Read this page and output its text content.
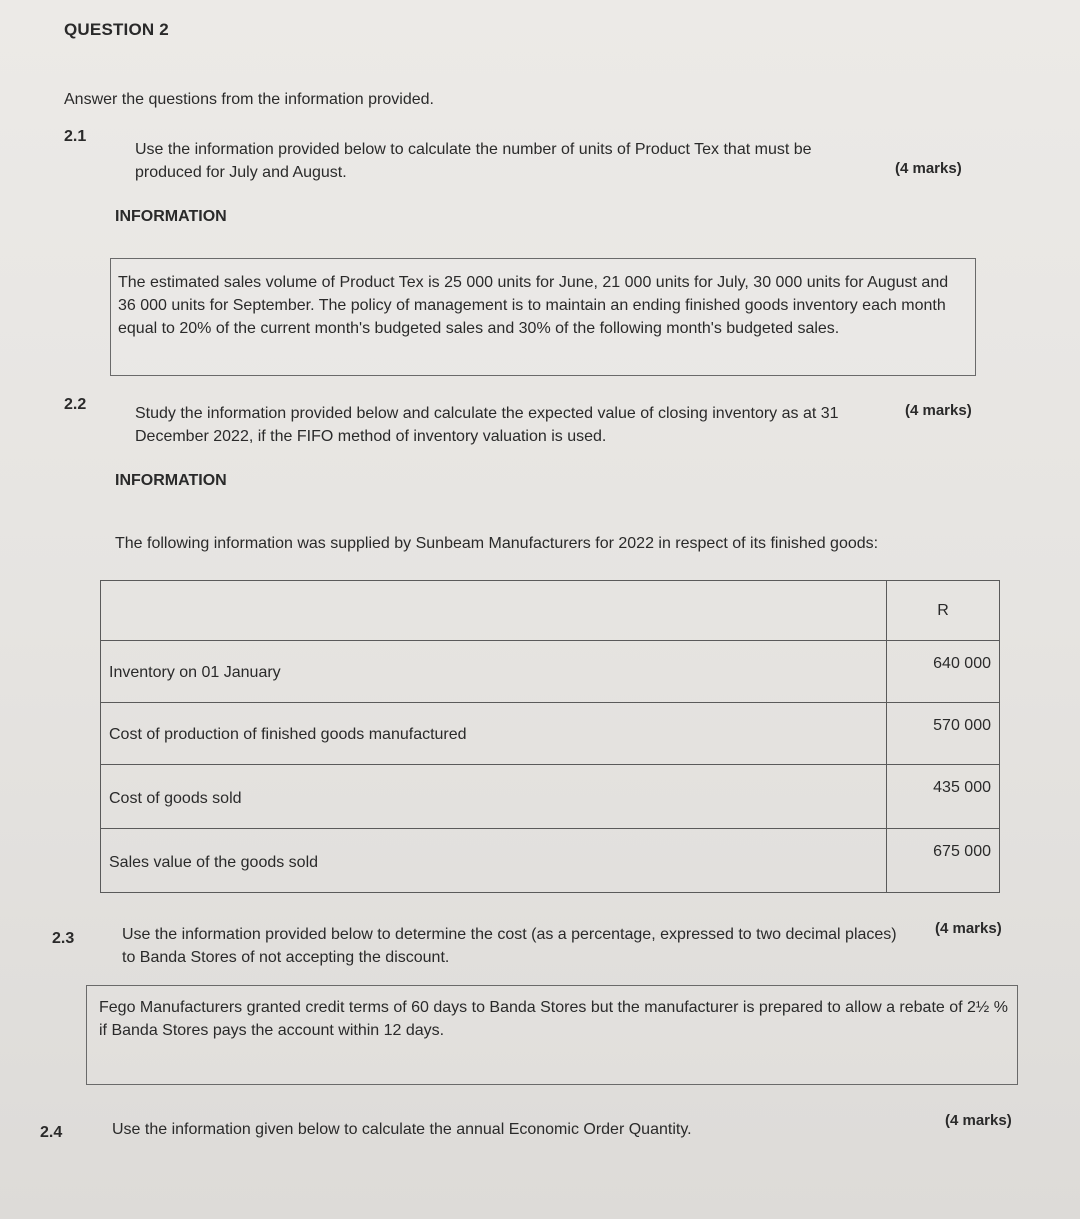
QUESTION 2
Answer the questions from the information provided.
2.1
Use the information provided below to calculate the number of units of Product Tex that must be produced for July and August.	(4 marks)
INFORMATION
The estimated sales volume of Product Tex is 25 000 units for June, 21 000 units for July, 30 000 units for August and 36 000 units for September. The policy of management is to maintain an ending finished goods inventory each month equal to 20% of the current month's budgeted sales and 30% of the following month's budgeted sales.
2.2
Study the information provided below and calculate the expected value of closing inventory as at 31 December 2022, if the FIFO method of inventory valuation is used.
(4 marks)
INFORMATION
The following information was supplied by Sunbeam Manufacturers for 2022 in respect of its finished goods:
	R
Inventory on 01 January	640 000
Cost of production of finished goods manufactured	570 000
Cost of goods sold	435 000
Sales value of the goods sold	675 000
2.3	Use the information provided below to determine the cost (as a percentage, expressed to two decimal places) to Banda Stores of not accepting the discount.
(4 marks)
Fego Manufacturers granted credit terms of 60 days to Banda Stores but the manufacturer is prepared to allow a rebate of 2½ % if Banda Stores pays the account within 12 days.
2.4	Use the information given below to calculate the annual Economic Order Quantity.
(4 marks)
